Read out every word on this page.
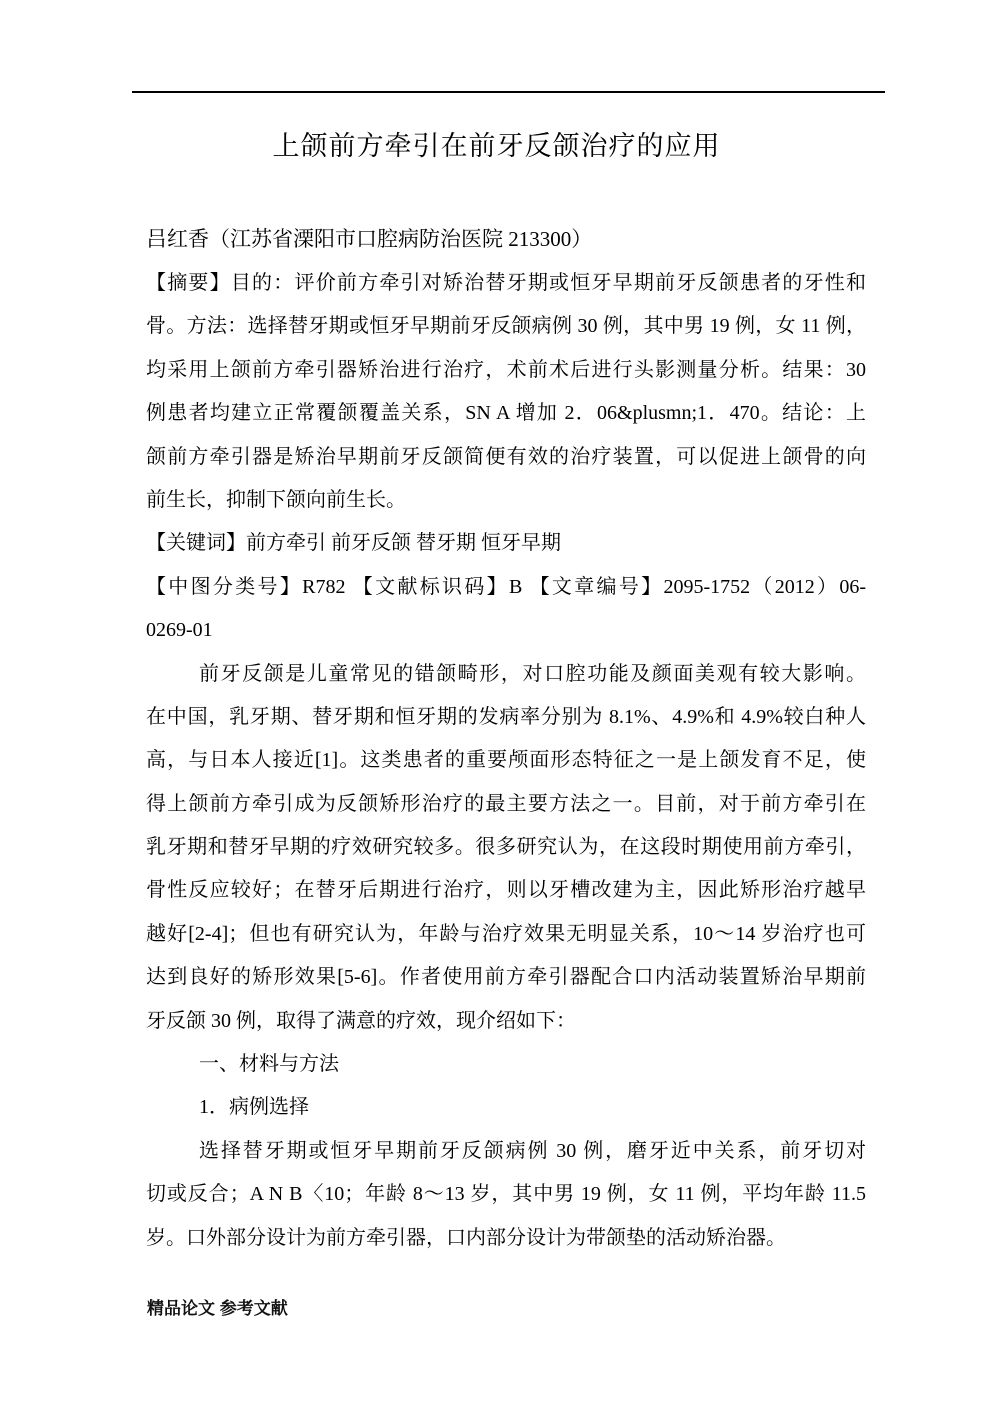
上颌前方牵引在前牙反颌治疗的应用

吕红香（江苏省溧阳市口腔病防治医院 213300）

【摘要】目的：评价前方牵引对矫治替牙期或恒牙早期前牙反颌患者的牙性和
骨。方法：选择替牙期或恒牙早期前牙反颌病例 30 例，其中男 19 例，女 11 例，
均采用上颌前方牵引器矫治进行治疗，术前术后进行头影测量分析。结果：30
例患者均建立正常覆颌覆盖关系，SN A 增加 2．06&plusmn;1．470。结论：上
颌前方牵引器是矫治早期前牙反颌简便有效的治疗装置，可以促进上颌骨的向
前生长，抑制下颌向前生长。
【关键词】前方牵引 前牙反颌 替牙期 恒牙早期
【中图分类号】R782 【文献标识码】B 【文章编号】2095-1752（2012）06-
0269-01
前牙反颌是儿童常见的错颌畸形，对口腔功能及颜面美观有较大影响。
在中国，乳牙期、替牙期和恒牙期的发病率分别为 8.1%、4.9%和 4.9%较白种人
高，与日本人接近[1]。这类患者的重要颅面形态特征之一是上颌发育不足，使
得上颌前方牵引成为反颌矫形治疗的最主要方法之一。目前，对于前方牵引在
乳牙期和替牙早期的疗效研究较多。很多研究认为，在这段时期使用前方牵引，
骨性反应较好；在替牙后期进行治疗，则以牙槽改建为主，因此矫形治疗越早
越好[2-4]；但也有研究认为，年龄与治疗效果无明显关系，10～14 岁治疗也可
达到良好的矫形效果[5-6]。作者使用前方牵引器配合口内活动装置矫治早期前
牙反颌 30 例，取得了满意的疗效，现介绍如下：
一、材料与方法
1．病例选择
选择替牙期或恒牙早期前牙反颌病例 30 例，磨牙近中关系，前牙切对
切或反合；A N B〈10；年龄 8～13 岁，其中男 19 例，女 11 例，平均年龄 11.5
岁。口外部分设计为前方牵引器，口内部分设计为带颌垫的活动矫治器。

精品论文 参考文献
